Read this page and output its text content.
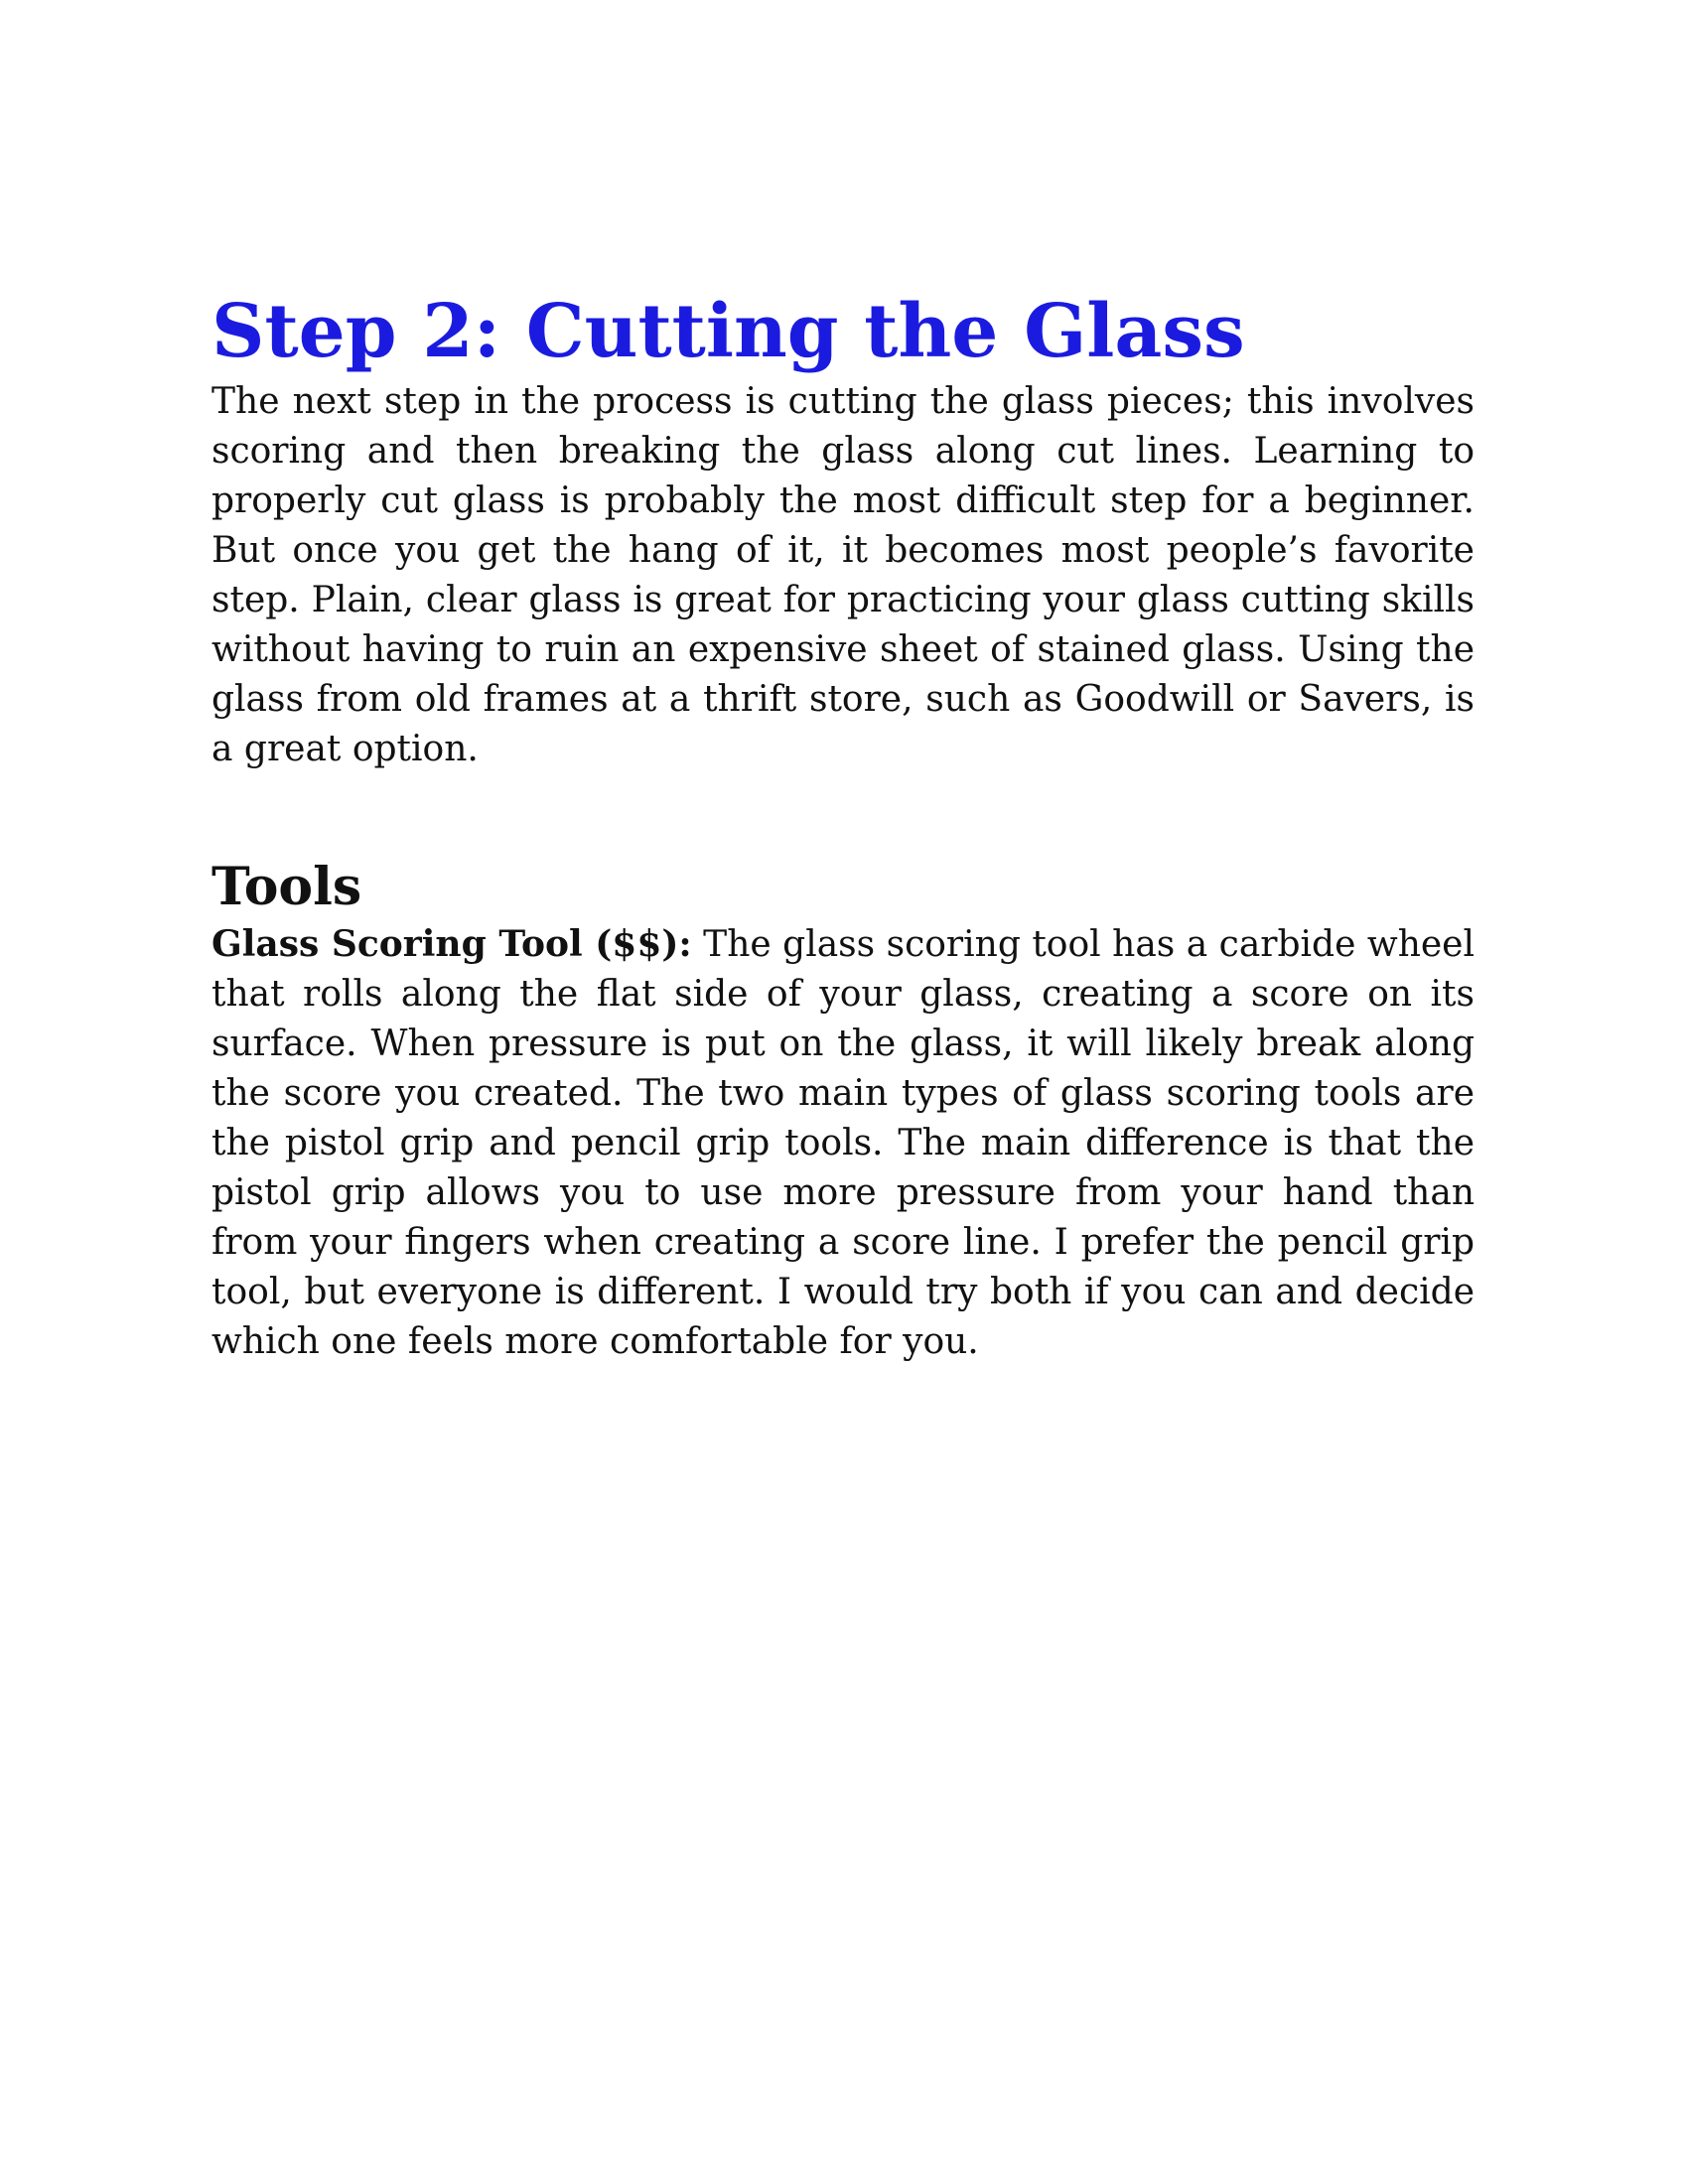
Step 2: Cutting the Glass

The next step in the process is cutting the glass pieces; this involves scoring and then breaking the glass along cut lines. Learning to properly cut glass is probably the most difficult step for a beginner. But once you get the hang of it, it becomes most people’s favorite step. Plain, clear glass is great for practicing your glass cutting skills without having to ruin an expensive sheet of stained glass. Using the glass from old frames at a thrift store, such as Goodwill or Savers, is a great option.

Tools

Glass Scoring Tool ($$): The glass scoring tool has a carbide wheel that rolls along the flat side of your glass, creating a score on its surface. When pressure is put on the glass, it will likely break along the score you created. The two main types of glass scoring tools are the pistol grip and pencil grip tools. The main difference is that the pistol grip allows you to use more pressure from your hand than from your fingers when creating a score line. I prefer the pencil grip tool, but everyone is different. I would try both if you can and decide which one feels more comfortable for you.
